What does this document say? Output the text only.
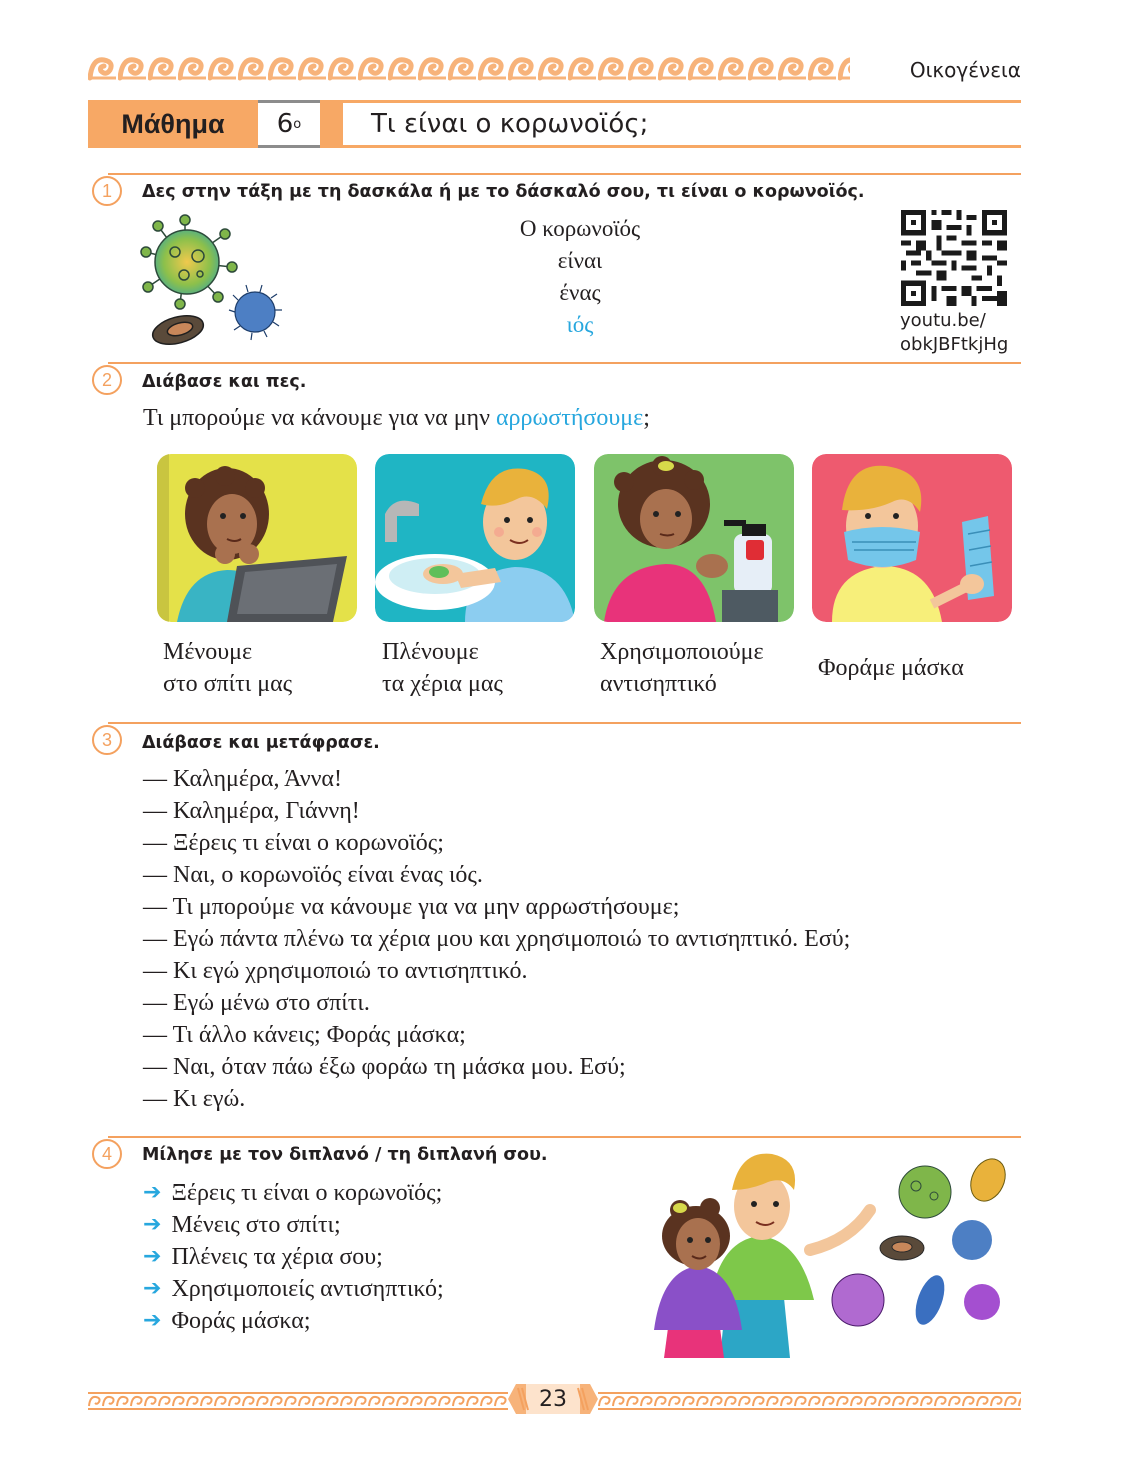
Οικογένεια
Μάθημα	6 ο	Τι είναι ο κορωνοϊός;
1	Δες στην τάξη με τη δασκάλα ή με το δάσκαλό σου, τι είναι ο κορωνοϊός.
Ο κορωνοϊός
είναι
ένας
ιός	youtu.be/
obkJBFtkjHg
2	Διάβασε και πες.
Τι μπορούμε να κάνουμε για να μην αρρωστήσουμε;
Μένουμε
στο σπίτι μας
Πλένουμε
τα χέρια μας
Χρησιμοποιούμε
αντισηπτικό
Φοράμε μάσκα
3	Διάβασε και μετάφρασε.
— Καλημέρα, Άννα!
— Καλημέρα, Γιάννη!
— Ξέρεις τι είναι ο κορωνοϊός;
— Ναι, ο κορωνοϊός είναι ένας ιός.
— Τι μπορούμε να κάνουμε για να μην αρρωστήσουμε;
— Εγώ πάντα πλένω τα χέρια μου και χρησιμοποιώ το αντισηπτικό. Εσύ;
— Κι εγώ χρησιμοποιώ το αντισηπτικό.
— Εγώ μένω στο σπίτι.
— Τι άλλο κάνεις; Φοράς μάσκα;
— Ναι, όταν πάω έξω φοράω τη μάσκα μου. Εσύ;
— Κι εγώ.
4	Μίλησε με τον διπλανό / τη διπλανή σου.
➔ Ξέρεις τι είναι ο κορωνοϊός;
➔ Μένεις στο σπίτι;
➔ Πλένεις τα χέρια σου;
➔ Χρησιμοποιείς αντισηπτικό;
➔ Φοράς μάσκα;
23
